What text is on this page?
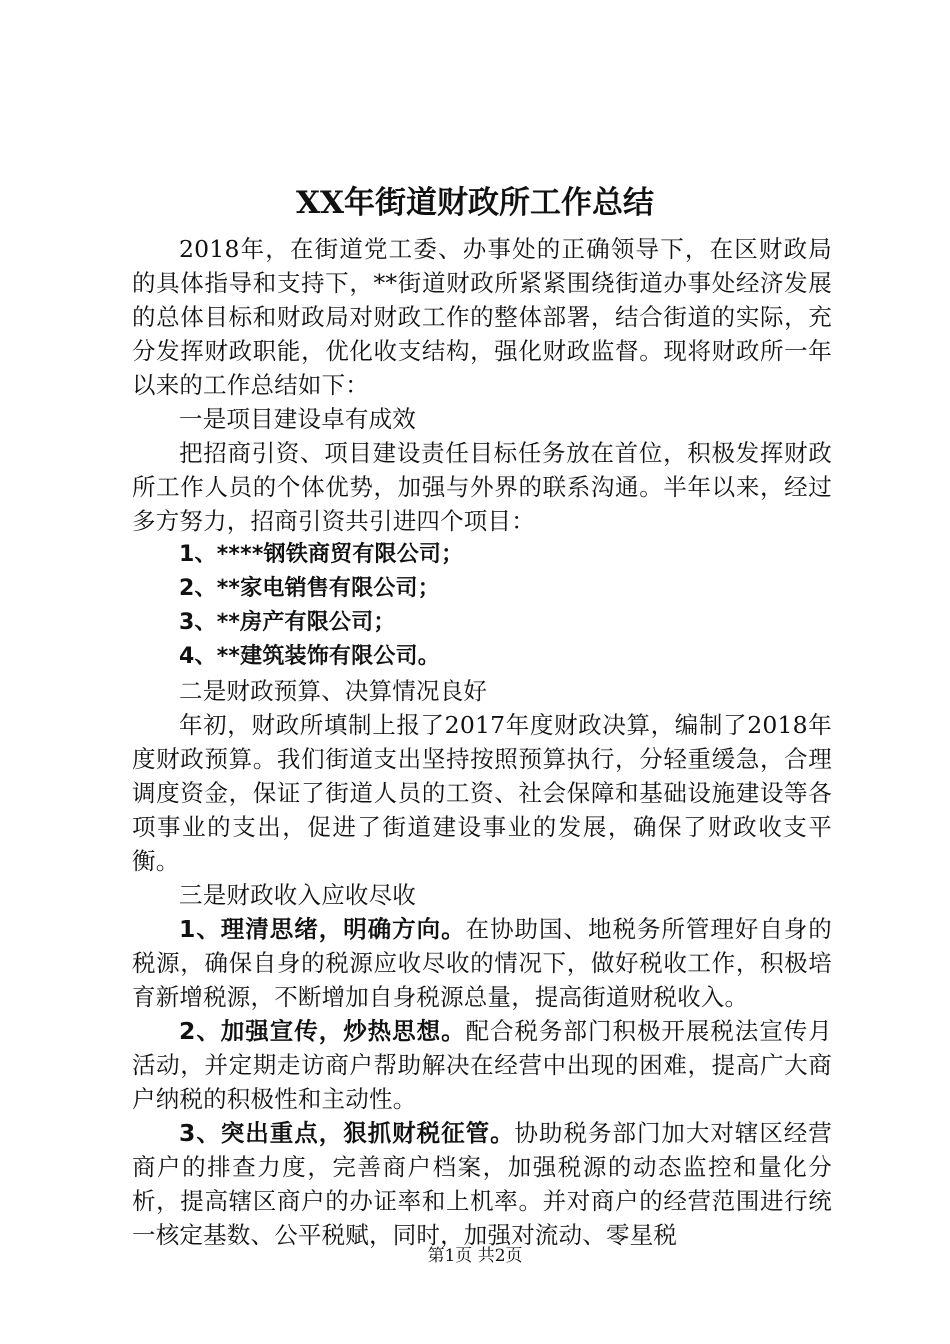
XX年街道财政所工作总结

2018年，在街道党工委、办事处的正确领导下，在区财政局的具体指导和支持下，**街道财政所紧紧围绕街道办事处经济发展的总体目标和财政局对财政工作的整体部署，结合街道的实际，充分发挥财政职能，优化收支结构，强化财政监督。现将财政所一年以来的工作总结如下：

一是项目建设卓有成效

把招商引资、项目建设责任目标任务放在首位，积极发挥财政所工作人员的个体优势，加强与外界的联系沟通。半年以来，经过多方努力，招商引资共引进四个项目：

1、****钢铁商贸有限公司；
2、**家电销售有限公司；
3、**房产有限公司；
4、**建筑装饰有限公司。

二是财政预算、决算情况良好

年初，财政所填制上报了2017年度财政决算，编制了2018年度财政预算。我们街道支出坚持按照预算执行，分轻重缓急，合理调度资金，保证了街道人员的工资、社会保障和基础设施建设等各项事业的支出，促进了街道建设事业的发展，确保了财政收支平衡。

三是财政收入应收尽收

1、理清思绪，明确方向。在协助国、地税务所管理好自身的税源，确保自身的税源应收尽收的情况下，做好税收工作，积极培育新增税源，不断增加自身税源总量，提高街道财税收入。

2、加强宣传，炒热思想。配合税务部门积极开展税法宣传月活动，并定期走访商户帮助解决在经营中出现的困难，提高广大商户纳税的积极性和主动性。

3、突出重点，狠抓财税征管。协助税务部门加大对辖区经营商户的排查力度，完善商户档案，加强税源的动态监控和量化分析，提高辖区商户的办证率和上机率。并对商户的经营范围进行统一核定基数、公平税赋，同时，加强对流动、零星税

第1页 共2页
